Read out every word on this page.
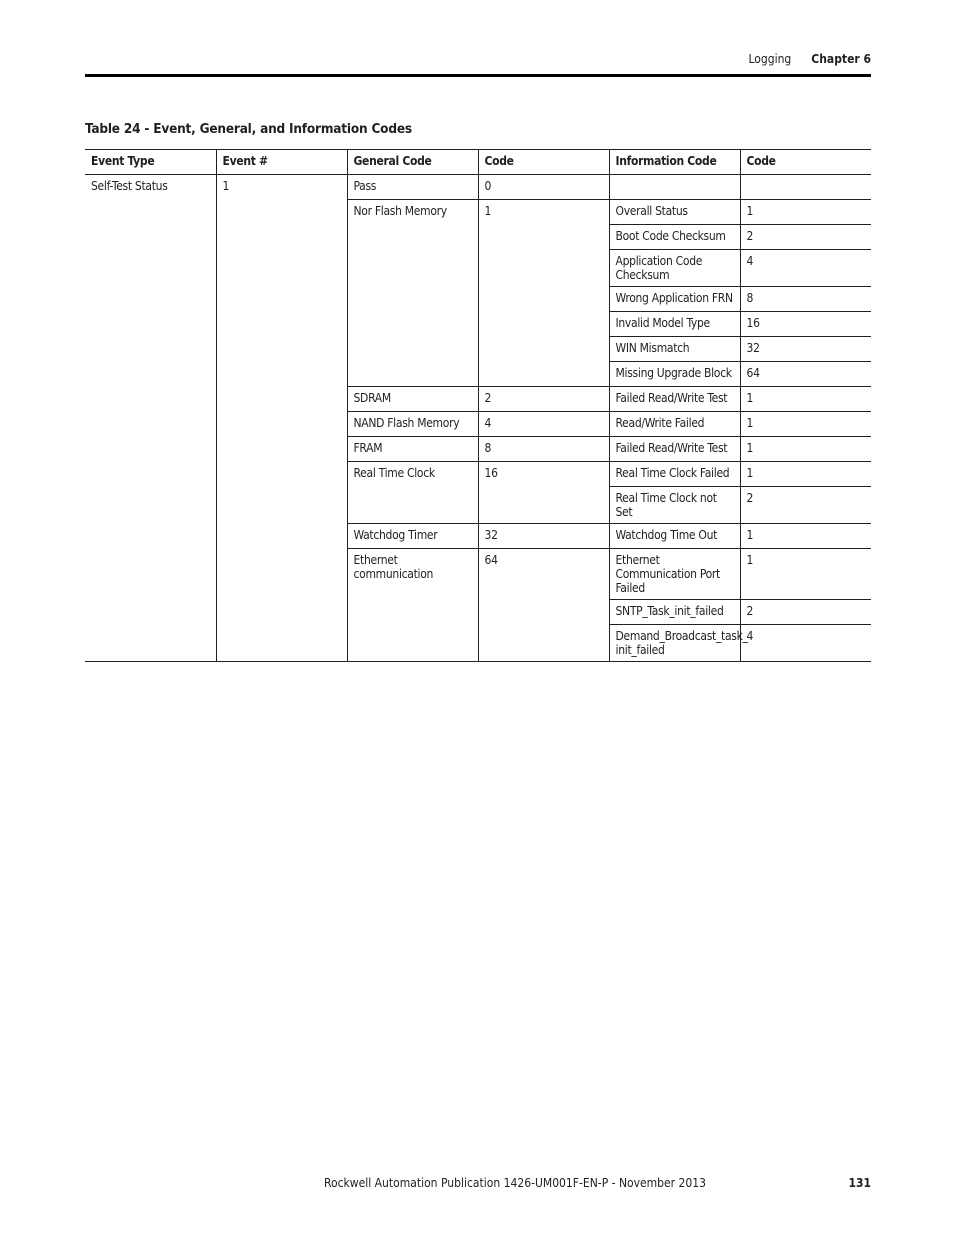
Logging Chapter 6
Table 24 - Event, General, and Information Codes
Event Type	Event #	General Code	Code	Information Code	Code
Self-Test Status	1	Pass	0		
		Nor Flash Memory	1	Overall Status	1
				Boot Code Checksum	2
				Application Code Checksum	4
				Wrong Application FRN	8
				Invalid Model Type	16
				WIN Mismatch	32
				Missing Upgrade Block	64
		SDRAM	2	Failed Read/Write Test	1
		NAND Flash Memory	4	Read/Write Failed	1
		FRAM	8	Failed Read/Write Test	1
		Real Time Clock	16	Real Time Clock Failed	1
				Real Time Clock not Set	2
		Watchdog Timer	32	Watchdog Time Out	1
		Ethernet communication	64	Ethernet Communication Port Failed	1
				SNTP_Task_init_failed	2
				Demand_Broadcast_task_ init_failed	4
Rockwell Automation Publication 1426-UM001F-EN-P - November 2013	131
